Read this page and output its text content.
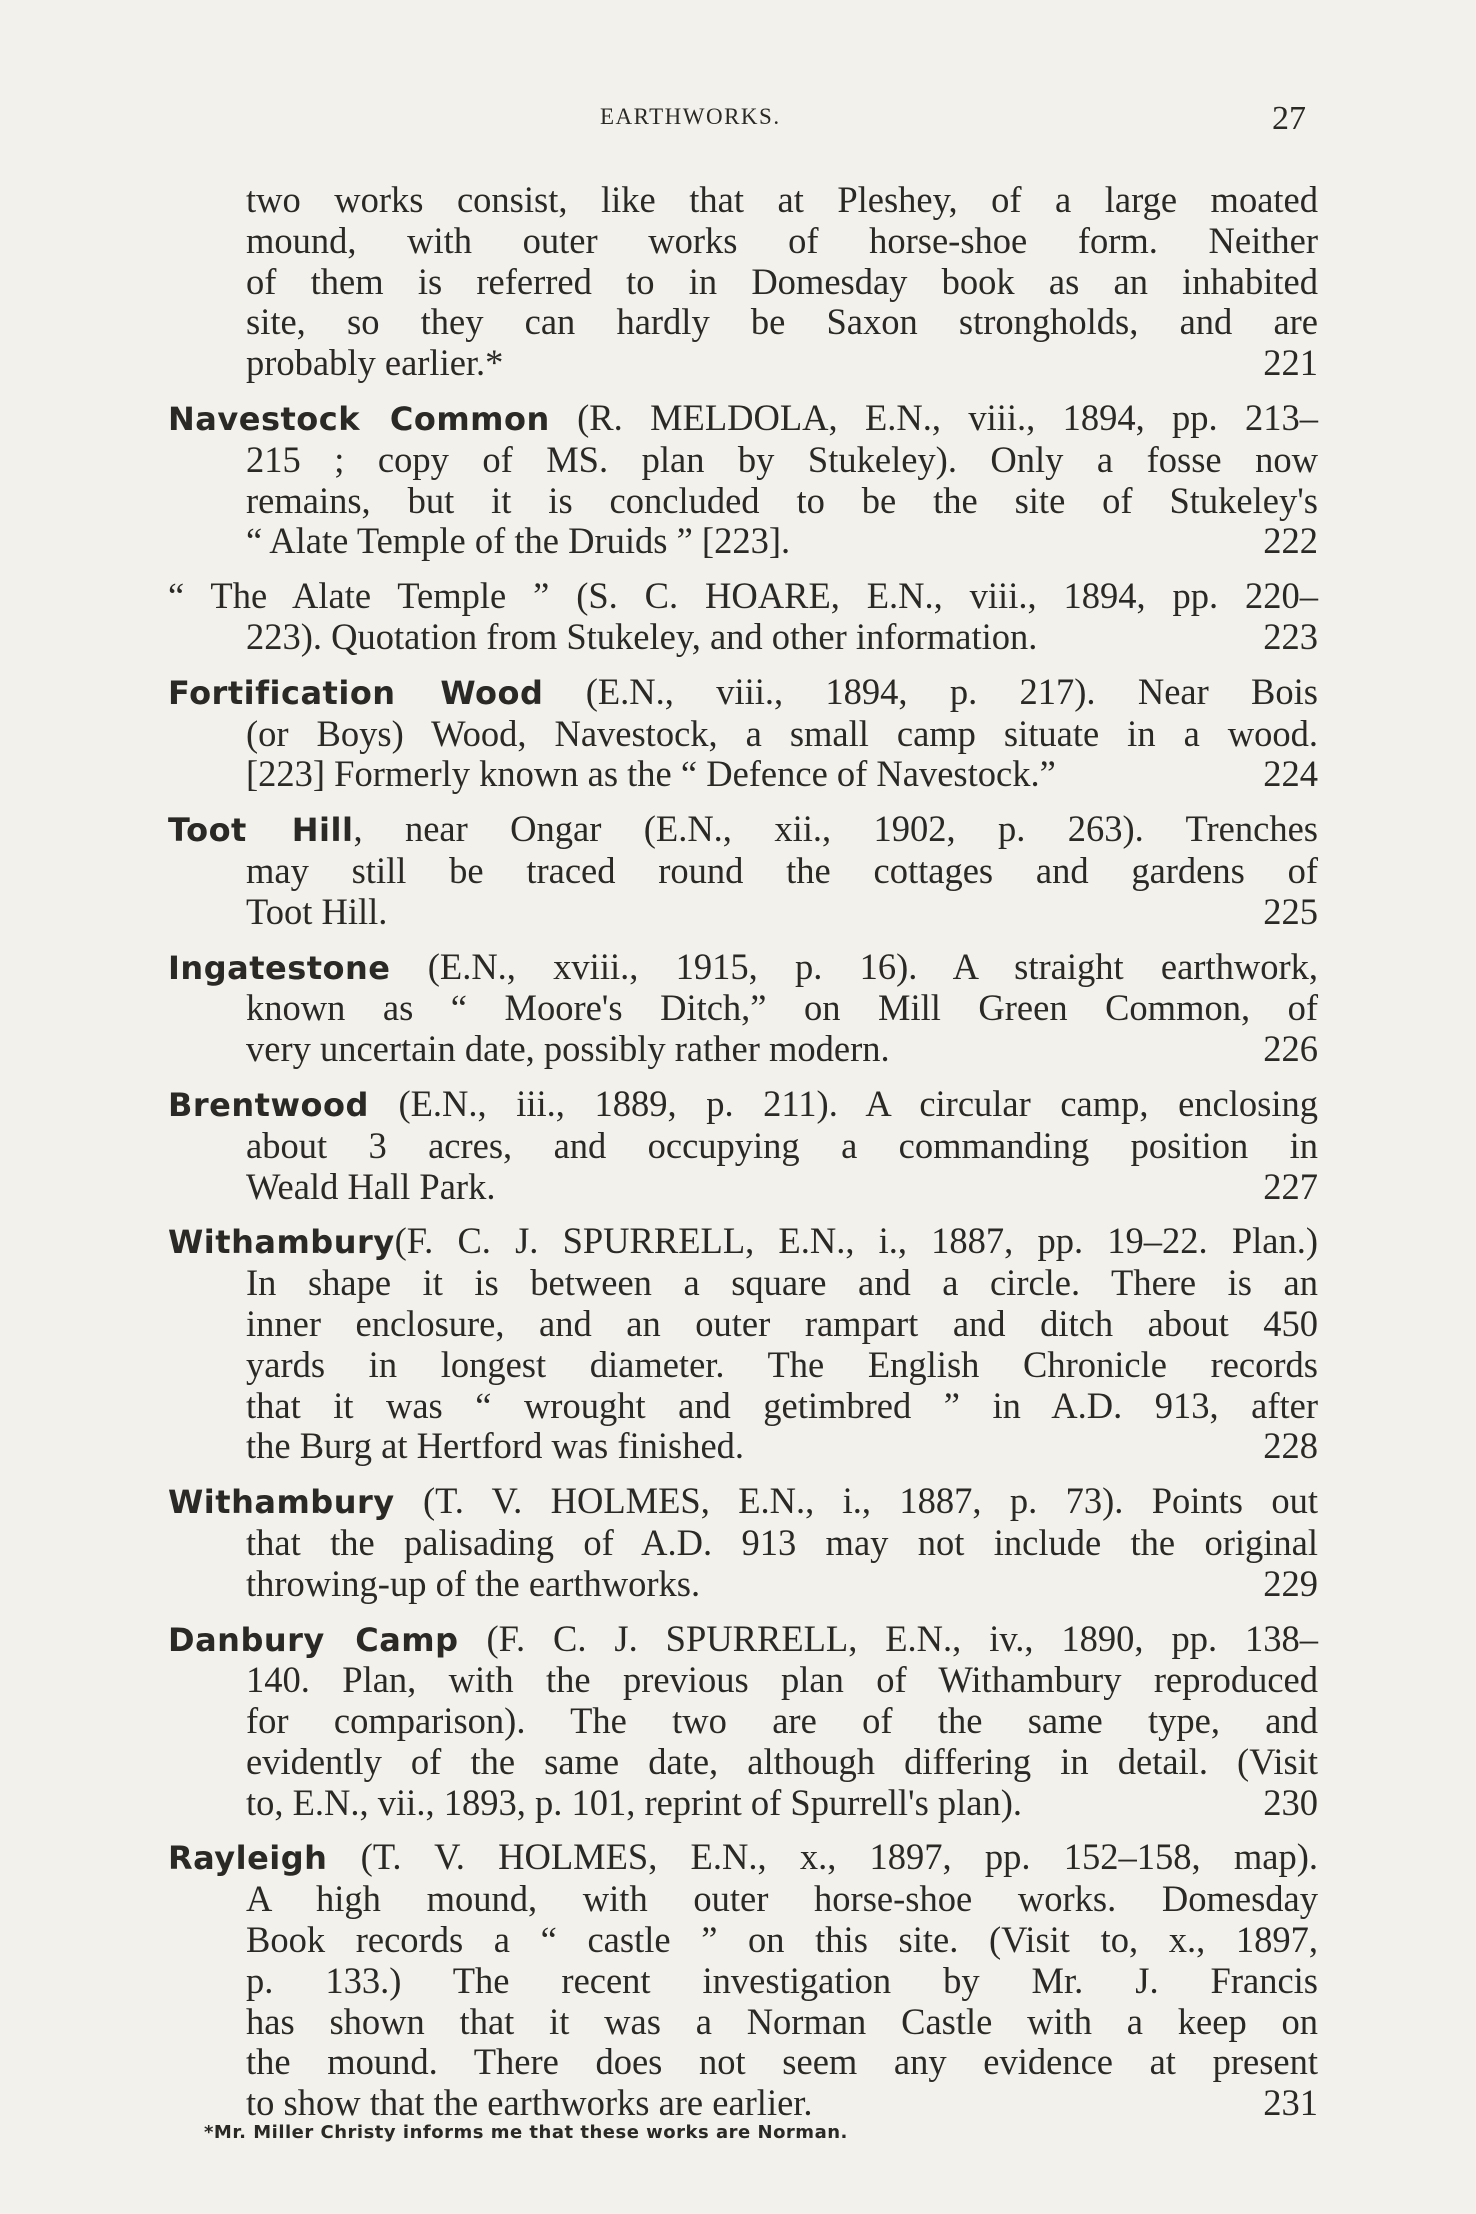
EARTHWORKS.	27
two works consist, like that at Pleshey, of a large moated
mound, with outer works of horse-shoe form. Neither
of them is referred to in Domesday book as an inhabited
site, so they can hardly be Saxon strongholds, and are
probably earlier.*	221
Navestock Common (R. MELDOLA, E.N., viii., 1894, pp. 213–
215 ; copy of MS. plan by Stukeley). Only a fosse now
remains, but it is concluded to be the site of Stukeley's
“ Alate Temple of the Druids ” [223].	222
“ The Alate Temple ” (S. C. HOARE, E.N., viii., 1894, pp. 220–
223). Quotation from Stukeley, and other information.	223
Fortification Wood (E.N., viii., 1894, p. 217). Near Bois
(or Boys) Wood, Navestock, a small camp situate in a wood.
[223] Formerly known as the “ Defence of Navestock.”	224
Toot Hill, near Ongar (E.N., xii., 1902, p. 263). Trenches
may still be traced round the cottages and gardens of
Toot Hill.	225
Ingatestone (E.N., xviii., 1915, p. 16). A straight earthwork,
known as “ Moore's Ditch,” on Mill Green Common, of
very uncertain date, possibly rather modern.	226
Brentwood (E.N., iii., 1889, p. 211). A circular camp, enclosing
about 3 acres, and occupying a commanding position in
Weald Hall Park.	227
Withambury(F. C. J. SPURRELL, E.N., i., 1887, pp. 19–22. Plan.)
In shape it is between a square and a circle. There is an
inner enclosure, and an outer rampart and ditch about 450
yards in longest diameter. The English Chronicle records
that it was “ wrought and getimbred ” in A.D. 913, after
the Burg at Hertford was finished.	228
Withambury (T. V. HOLMES, E.N., i., 1887, p. 73). Points out
that the palisading of A.D. 913 may not include the original
throwing-up of the earthworks.	229
Danbury Camp (F. C. J. SPURRELL, E.N., iv., 1890, pp. 138–
140. Plan, with the previous plan of Withambury reproduced
for comparison). The two are of the same type, and
evidently of the same date, although differing in detail. (Visit
to, E.N., vii., 1893, p. 101, reprint of Spurrell's plan).	230
Rayleigh (T. V. HOLMES, E.N., x., 1897, pp. 152–158, map).
A high mound, with outer horse-shoe works. Domesday
Book records a “ castle ” on this site. (Visit to, x., 1897,
p. 133.) The recent investigation by Mr. J. Francis
has shown that it was a Norman Castle with a keep on
the mound. There does not seem any evidence at present
to show that the earthworks are earlier.	231
*Mr. Miller Christy informs me that these works are Norman.
